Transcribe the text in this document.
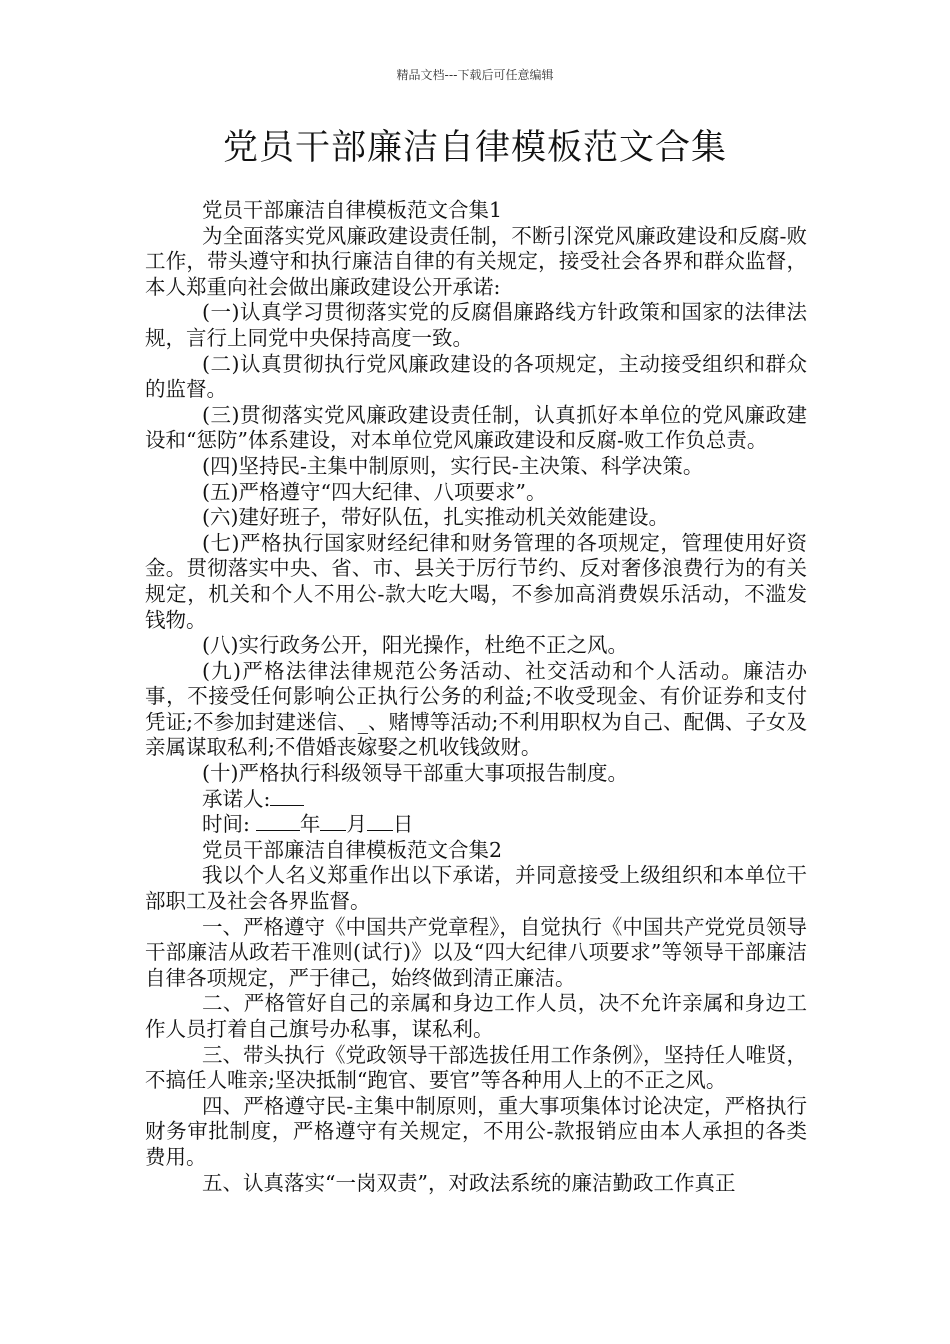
精品文档---下载后可任意编辑
党员干部廉洁自律模板范文合集

党员干部廉洁自律模板范文合集1

为全面落实党风廉政建设责任制，不断引深党风廉政建设和反腐-败工作，带头遵守和执行廉洁自律的有关规定，接受社会各界和群众监督，本人郑重向社会做出廉政建设公开承诺:

(一)认真学习贯彻落实党的反腐倡廉路线方针政策和国家的法律法规，言行上同党中央保持高度一致。

(二)认真贯彻执行党风廉政建设的各项规定，主动接受组织和群众的监督。

(三)贯彻落实党风廉政建设责任制，认真抓好本单位的党风廉政建设和“惩防”体系建设，对本单位党风廉政建设和反腐-败工作负总责。

(四)坚持民-主集中制原则，实行民-主决策、科学决策。

(五)严格遵守“四大纪律、八项要求”。

(六)建好班子，带好队伍，扎实推动机关效能建设。

(七)严格执行国家财经纪律和财务管理的各项规定，管理使用好资金。贯彻落实中央、省、市、县关于厉行节约、反对奢侈浪费行为的有关规定，机关和个人不用公-款大吃大喝，不参加高消费娱乐活动，不滥发钱物。

(八)实行政务公开，阳光操作，杜绝不正之风。

(九)严格法律法律规范公务活动、社交活动和个人活动。廉洁办事，不接受任何影响公正执行公务的利益;不收受现金、有价证券和支付凭证;不参加封建迷信、_、赌博等活动;不利用职权为自己、配偶、子女及亲属谋取私利;不借婚丧嫁娶之机收钱敛财。

(十)严格执行科级领导干部重大事项报告制度。

承诺人:

时间: 年 月 日

党员干部廉洁自律模板范文合集2

我以个人名义郑重作出以下承诺，并同意接受上级组织和本单位干部职工及社会各界监督。

一、严格遵守《中国共产党章程》，自觉执行《中国共产党党员领导干部廉洁从政若干准则(试行)》以及“四大纪律八项要求”等领导干部廉洁自律各项规定，严于律己，始终做到清正廉洁。

二、严格管好自己的亲属和身边工作人员，决不允许亲属和身边工作人员打着自己旗号办私事，谋私利。

三、带头执行《党政领导干部选拔任用工作条例》，坚持任人唯贤，不搞任人唯亲;坚决抵制“跑官、要官”等各种用人上的不正之风。

四、严格遵守民-主集中制原则，重大事项集体讨论决定，严格执行财务审批制度，严格遵守有关规定，不用公-款报销应由本人承担的各类费用。

五、认真落实“一岗双责”，对政法系统的廉洁勤政工作真正
